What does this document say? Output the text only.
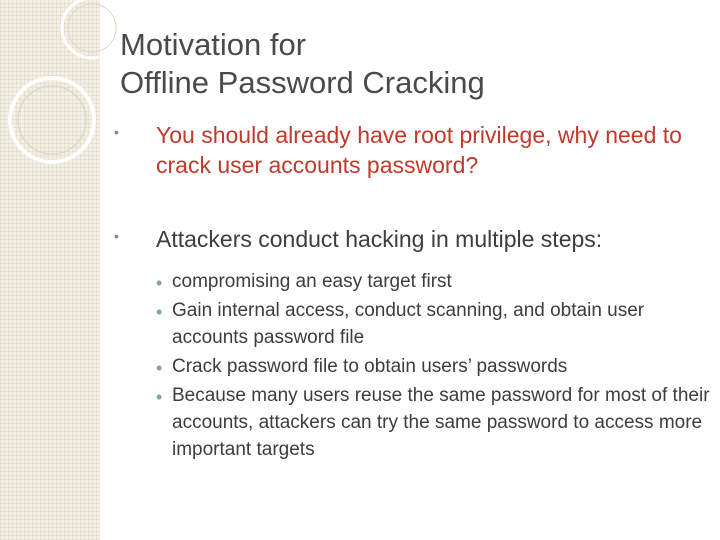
Motivation for
Offline Password Cracking
• You should already have root privilege, why need to crack user accounts password?
• Attackers conduct hacking in multiple steps:
• compromising an easy target first
• Gain internal access, conduct scanning, and obtain user accounts password file
• Crack password file to obtain users’ passwords
• Because many users reuse the same password for most of their accounts, attackers can try the same password to access more important targets
